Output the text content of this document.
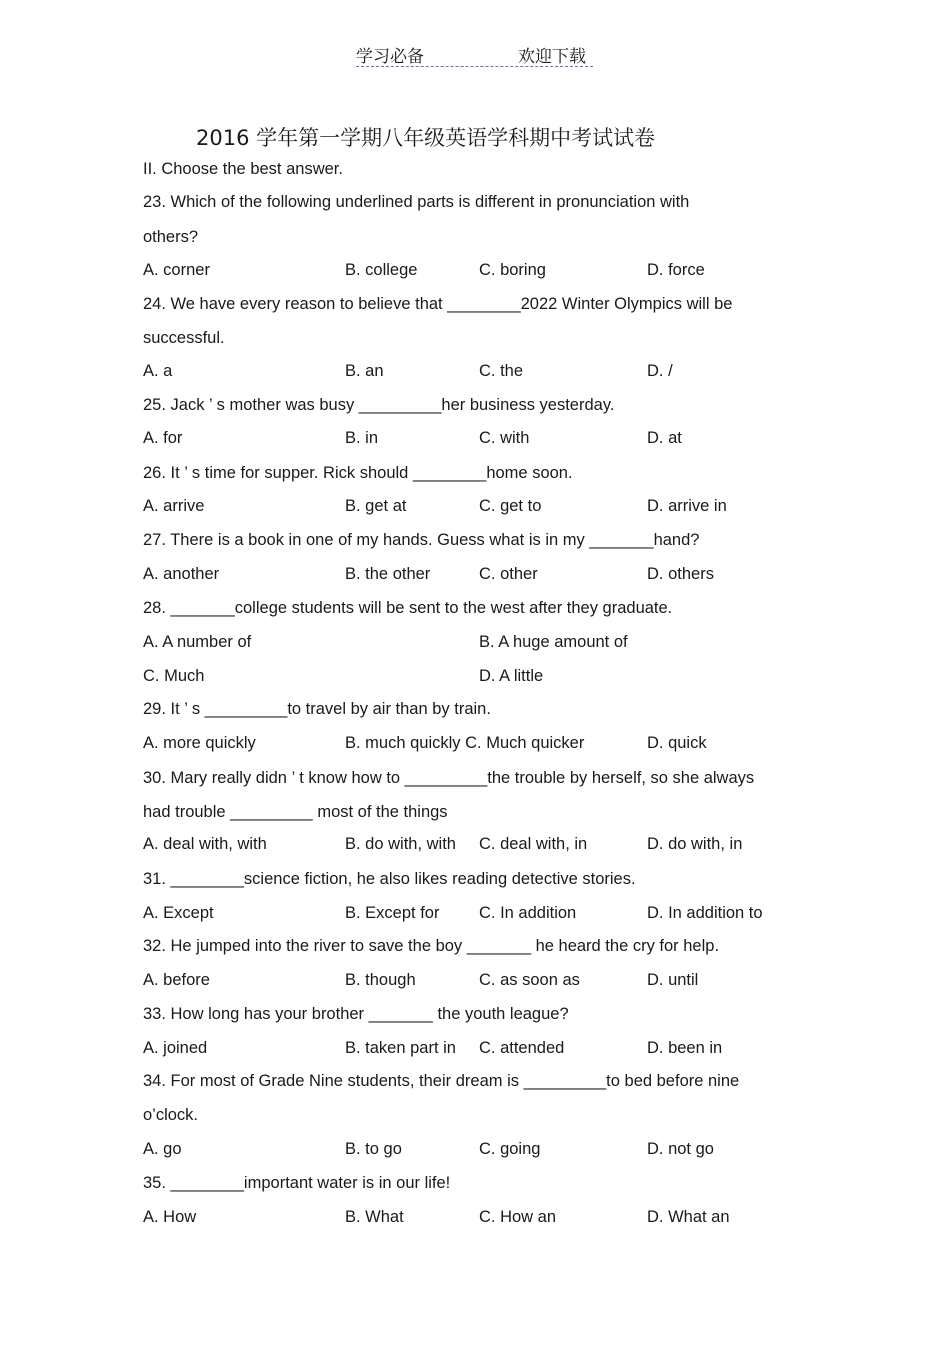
学习必备	欢迎下载
2016 学年第一学期八年级英语学科期中考试试卷
II. Choose the best answer.
23. Which of the following underlined parts is different in pronunciation with
others?
A. corner	B. college	C. boring	D. force
24. We have every reason to believe that ________2022 Winter Olympics will be
successful.
A. a	B. an	C. the	D. /
25. Jack ’ s mother was busy _________her business yesterday.
A. for	B. in	C. with	D. at
26. It ’ s time for supper. Rick should ________home soon.
A. arrive	B. get at	C. get to	D. arrive in
27. There is a book in one of my hands. Guess what is in my _______hand?
A. another	B. the other	C. other	D. others
28. _______college students will be sent to the west after they graduate.
A. A number of	B. A huge amount of
C. Much	D. A little
29. It ’ s _________to travel by air than by train.
A. more quickly	B. much quickly C. Much quicker	D. quick
30. Mary really didn ’ t know how to _________the trouble by herself, so she always
had trouble _________ most of the things
A. deal with, with	B. do with, with C. deal with, in	D. do with, in
31. ________science fiction, he also likes reading detective stories.
A. Except	B. Except for C. In addition	D. In addition to
32. He jumped into the river to save the boy _______ he heard the cry for help.
A. before	B. though	C. as soon as	D. until
33. How long has your brother _______ the youth league?
A. joined	B. taken part in C. attended	D. been in
34. For most of Grade Nine students, their dream is _________to bed before nine
o’clock.
A. go	B. to go	C. going	D. not go
35. ________important water is in our life!
A. How	B. What	C. How an	D. What an
